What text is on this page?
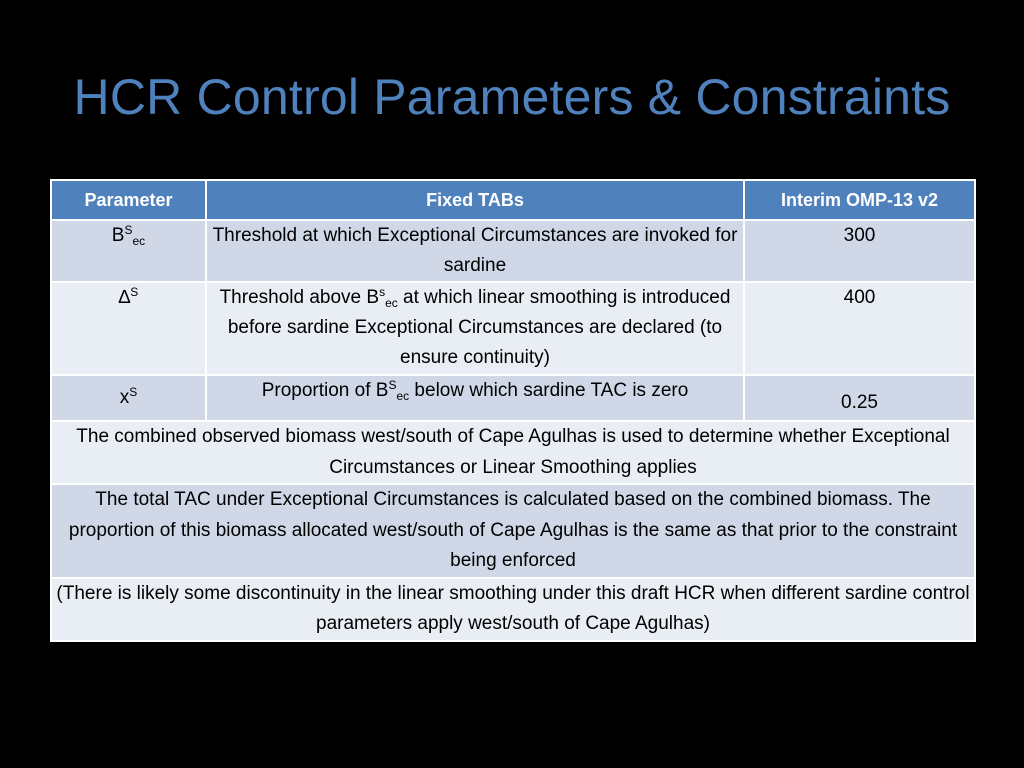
HCR Control Parameters & Constraints
Parameter	Fixed TABs	Interim OMP-13 v2
$B^S_{ec}$	Threshold at which Exceptional Circumstances are invoked for sardine	300
∆$^S$	Threshold above $B^s_{ec}$ at which linear smoothing is introduced before sardine Exceptional Circumstances are declared (to ensure continuity)	400
$x^S$	Proportion of $B^S_{ec}$ below which sardine TAC is zero	0.25
The combined observed biomass west/south of Cape Agulhas is used to determine whether Exceptional Circumstances or Linear Smoothing applies		
The total TAC under Exceptional Circumstances is calculated based on the combined biomass. The proportion of this biomass allocated west/south of Cape Agulhas is the same as that prior to the constraint being enforced		
(There is likely some discontinuity in the linear smoothing under this draft HCR when different sardine control parameters apply west/south of Cape Agulhas)		
